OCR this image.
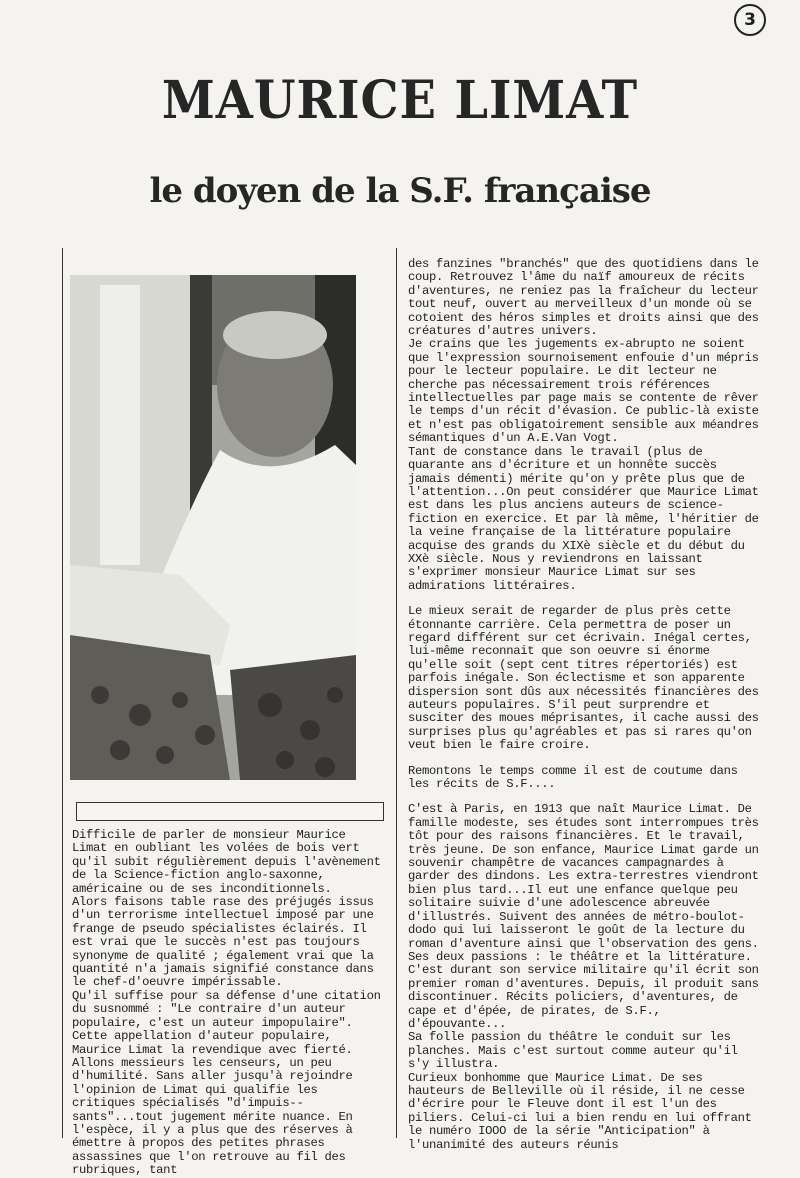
3
MAURICE LIMAT
le doyen de la S.F. française

Difficile de parler de monsieur Maurice Limat en oubliant les volées de bois vert qu'il subit régulièrement depuis l'avènement de la Science-fiction anglo-saxonne, américaine ou de ses inconditionnels.

Alors faisons table rase des préjugés issus d'un terrorisme intellectuel imposé par une frange de pseudo spécialistes éclairés. Il est vrai que le succès n'est pas toujours synonyme de qualité ; également vrai que la quantité n'a jamais signifié constance dans le chef-d'oeuvre impérissable.

Qu'il suffise pour sa défense d'une citation du susnommé : "Le contraire d'un auteur populaire, c'est un auteur impopulaire".

Cette appellation d'auteur populaire, Maurice Limat la revendique avec fierté. Allons messieurs les censeurs, un peu d'humilité. Sans aller jusqu'à rejoindre l'opinion de Limat qui qualifie les critiques spécialisés "d'impuis--sants"...tout jugement mérite nuance. En l'espèce, il y a plus que des réserves à émettre à propos des petites phrases assassines que l'on retrouve au fil des rubriques, tant

des fanzines "branchés" que des quotidiens dans le coup. Retrouvez l'âme du naïf amoureux de récits d'aventures, ne reniez pas la fraîcheur du lecteur tout neuf, ouvert au merveilleux d'un monde où se cotoient des héros simples et droits ainsi que des créatures d'autres univers.

Je crains que les jugements ex-abrupto ne soient que l'expression sournoisement enfouie d'un mépris pour le lecteur populaire. Le dit lecteur ne cherche pas nécessairement trois références intellectuelles par page mais se contente de rêver le temps d'un récit d'évasion. Ce public-là existe et n'est pas obligatoirement sensible aux méandres sémantiques d'un A.E.Van Vogt.

Tant de constance dans le travail (plus de quarante ans d'écriture et un honnête succès jamais démenti) mérite qu'on y prête plus que de l'attention...On peut considérer que Maurice Limat est dans les plus anciens auteurs de science-fiction en exercice. Et par là même, l'héritier de la veine française de la littérature populaire acquise des grands du XIXè siècle et du début du XXè siècle. Nous y reviendrons en laissant s'exprimer monsieur Maurice Limat sur ses admirations littéraires.

Le mieux serait de regarder de plus près cette étonnante carrière. Cela permettra de poser un regard différent sur cet écrivain. Inégal certes, lui-même reconnait que son oeuvre si énorme qu'elle soit (sept cent titres répertoriés) est parfois inégale. Son éclectisme et son apparente dispersion sont dûs aux nécessités financières des auteurs populaires. S'il peut surprendre et susciter des moues méprisantes, il cache aussi des surprises plus qu'agréables et pas si rares qu'on veut bien le faire croire.

Remontons le temps comme il est de coutume dans les récits de S.F....

C'est à Paris, en 1913 que naît Maurice Limat. De famille modeste, ses études sont interrompues très tôt pour des raisons financières. Et le travail, très jeune. De son enfance, Maurice Limat garde un souvenir champêtre de vacances campagnardes à garder des dindons. Les extra-terrestres viendront bien plus tard...Il eut une enfance quelque peu solitaire suivie d'une adolescence abreuvée d'illustrés. Suivent des années de métro-boulot-dodo qui lui laisseront le goût de la lecture du roman d'aventure ainsi que l'observation des gens.

Ses deux passions : le théâtre et la littérature.

C'est durant son service militaire qu'il écrit son premier roman d'aventures. Depuis, il produit sans discontinuer. Récits policiers, d'aventures, de cape et d'épée, de pirates, de S.F., d'épouvante...

Sa folle passion du théâtre le conduit sur les planches. Mais c'est surtout comme auteur qu'il s'y illustra.

Curieux bonhomme que Maurice Limat. De ses hauteurs de Belleville où il réside, il ne cesse d'écrire pour le Fleuve dont il est l'un des piliers. Celui-ci lui a bien rendu en lui offrant le numéro IOOO de la série "Anticipation" à l'unanimité des auteurs réunis
